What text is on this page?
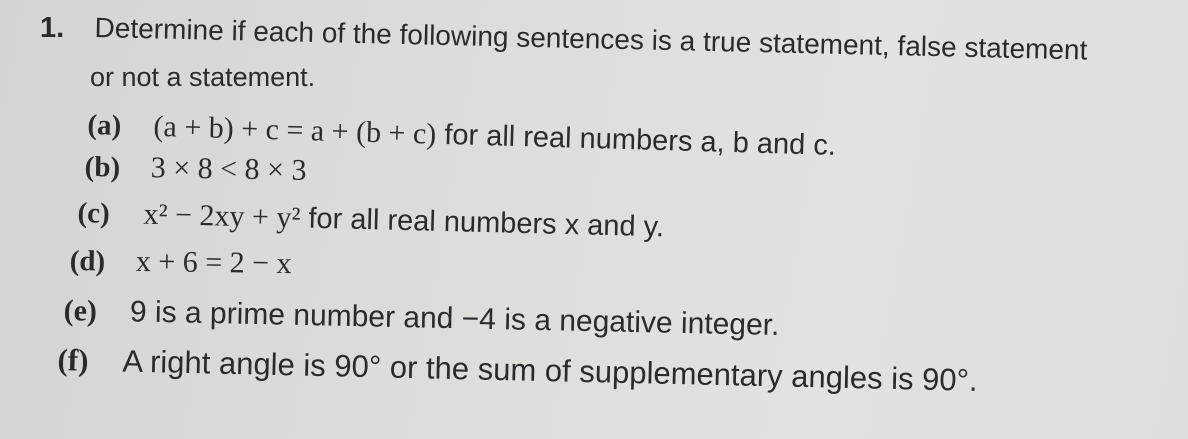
1. Determine if each of the following sentences is a true statement, false statement
or not a statement.
(a) (a + b) + c = a + (b + c) for all real numbers a, b and c.
(b) 3 × 8 < 8 × 3
(c) x² − 2xy + y² for all real numbers x and y.
(d) x + 6 = 2 − x
(e) 9 is a prime number and −4 is a negative integer.
(f) A right angle is 90° or the sum of supplementary angles is 90°.
